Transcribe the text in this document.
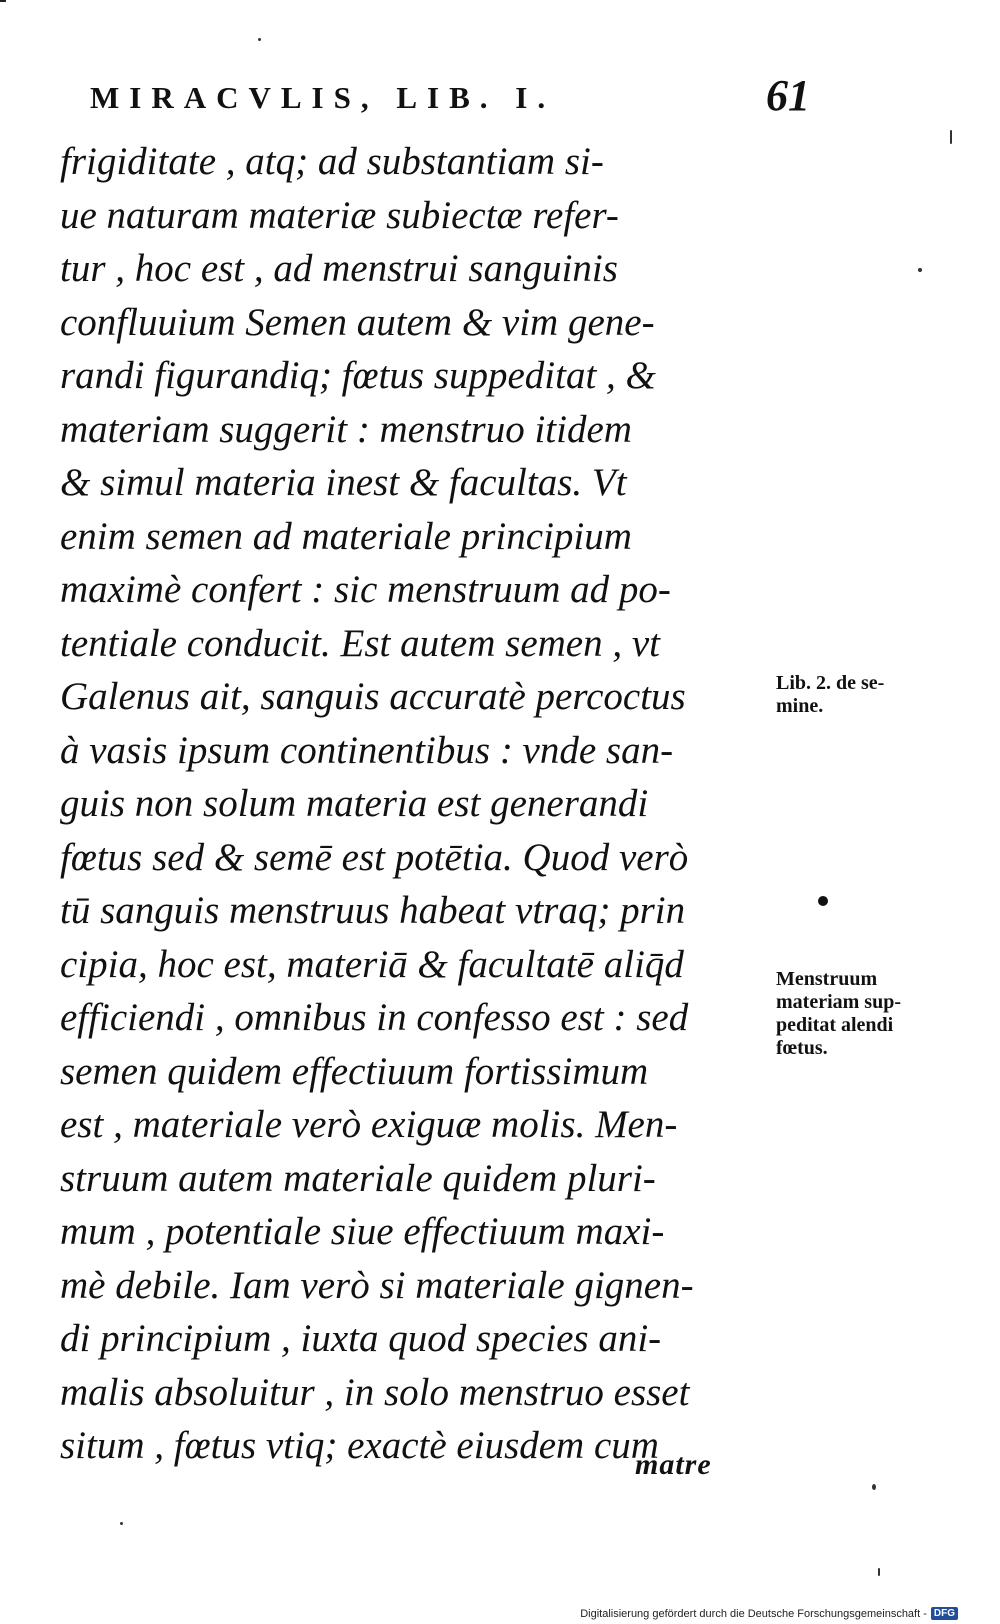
MIRACVLIS, LIB. I.	61
frigiditate , atq; ad substantiam si-
ue naturam materiæ subiectæ refer-
tur , hoc est , ad menstrui sanguinis
confluuium Semen autem & vim gene-
randi figurandiq; fœtus suppeditat , &
materiam suggerit : menstruo itidem
& simul materia inest & facultas. Vt
enim semen ad materiale principium
maximè confert : sic menstruum ad po-
tentiale conducit. Est autem semen , vt
Galenus ait, sanguis accuratè percoctus
à vasis ipsum continentibus : vnde san-
guis non solum materia est generandi
fœtus sed & semē est potētia. Quod verò
tū sanguis menstruus habeat vtraq; prin
cipia, hoc est, materiā & facultatē aliq̄d
efficiendi , omnibus in confesso est : sed
semen quidem effectiuum fortissimum
est , materiale verò exiguæ molis. Men-
struum autem materiale quidem pluri-
mum , potentiale siue effectiuum maxi-
mè debile. Iam verò si materiale gignen-
di principium , iuxta quod species ani-
malis absoluitur , in solo menstruo esset
situm , fœtus vtiq; exactè eiusdem cum
matre
Lib. 2. de se-
mine.
Menstruum
materiam sup-
peditat alendi
fœtus.
Digitalisierung gefördert durch die Deutsche Forschungsgemeinschaft - DFG
